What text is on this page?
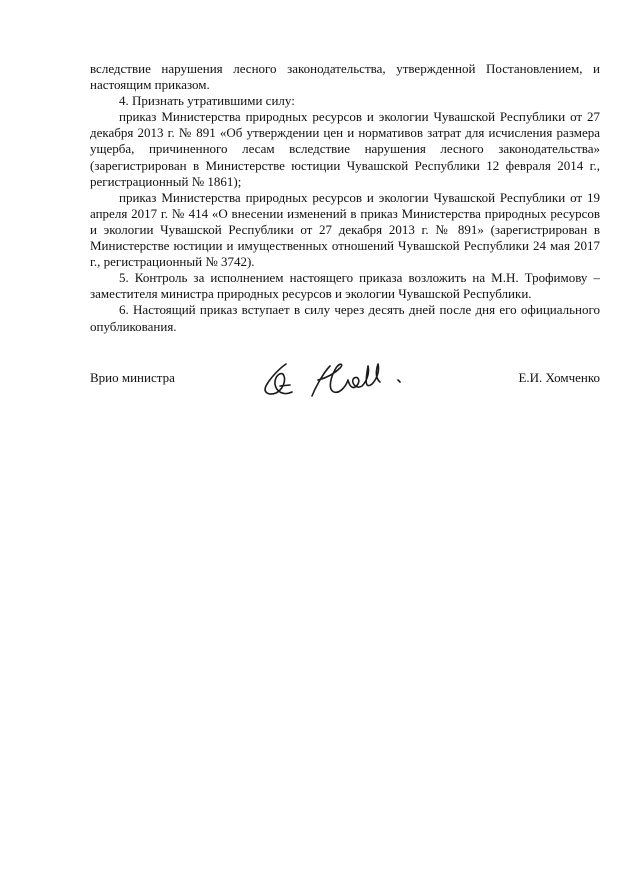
вследствие нарушения лесного законодательства, утвержденной Постановлением, и настоящим приказом.

4. Признать утратившими силу:

приказ Министерства природных ресурсов и экологии Чувашской Республики от 27 декабря 2013 г. № 891 «Об утверждении цен и нормативов затрат для исчисления размера ущерба, причиненного лесам вследствие нарушения лесного законодательства» (зарегистрирован в Министерстве юстиции Чувашской Республики 12 февраля 2014 г., регистрационный № 1861);

приказ Министерства природных ресурсов и экологии Чувашской Республики от 19 апреля 2017 г. № 414 «О внесении изменений в приказ Министерства природных ресурсов и экологии Чувашской Республики от 27 декабря 2013 г. № 891» (зарегистрирован в Министерстве юстиции и имущественных отношений Чувашской Республики 24 мая 2017 г., регистрационный № 3742).

5. Контроль за исполнением настоящего приказа возложить на М.Н. Трофимову – заместителя министра природных ресурсов и экологии Чувашской Республики.

6. Настоящий приказ вступает в силу через десять дней после дня его официального опубликования.

Врио министра	Е.И. Хомченко
